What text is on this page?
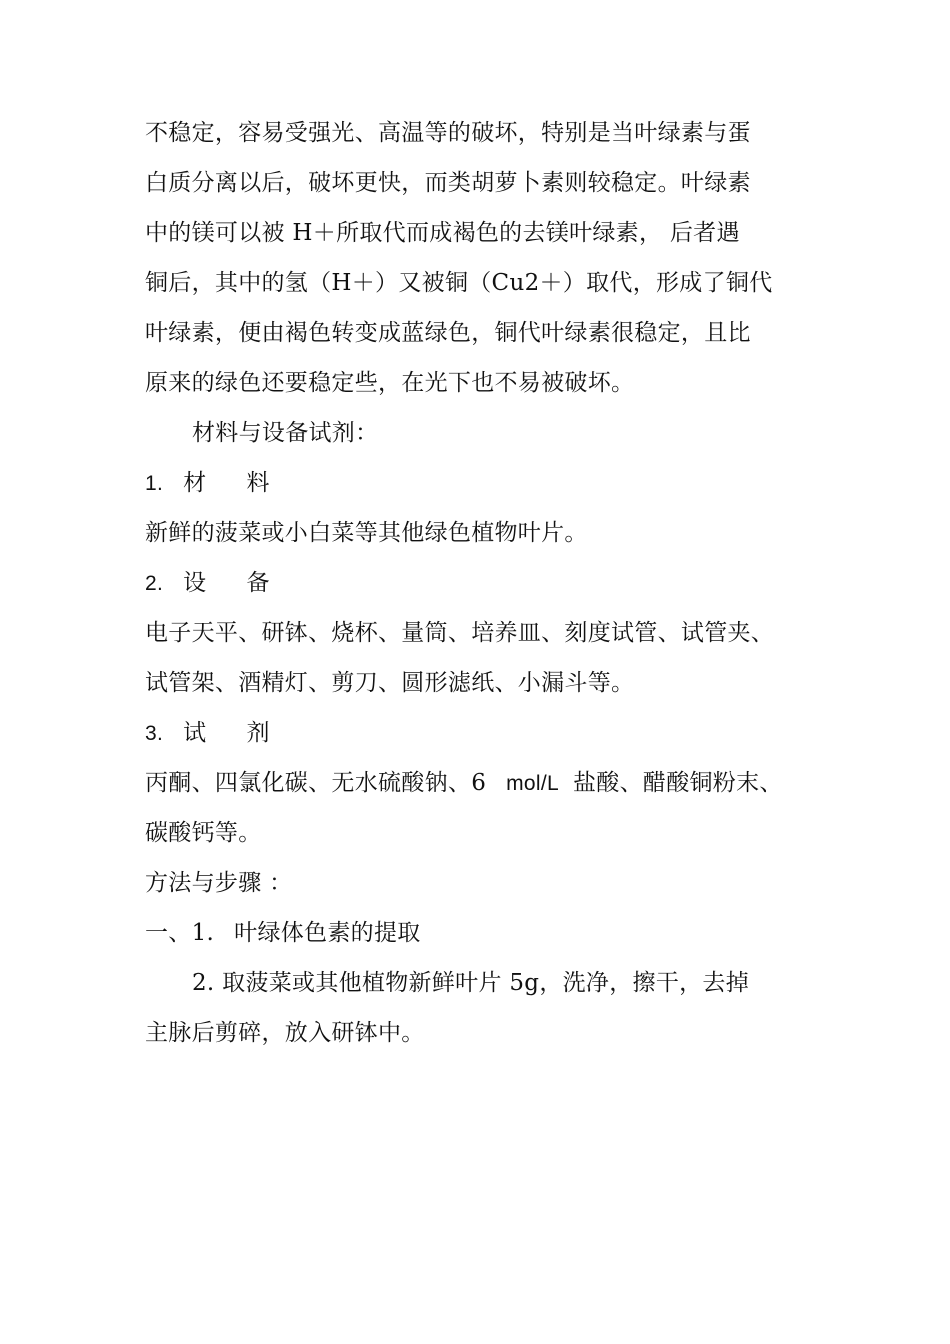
不稳定，容易受强光、高温等的破坏，特别是当叶绿素与蛋
白质分离以后，破坏更快，而类胡萝卜素则较稳定。叶绿素
中的镁可以被 H＋所取代而成褐色的去镁叶绿素， 后者遇
铜后，其中的氢（H＋）又被铜（Cu2＋）取代，形成了铜代
叶绿素，便由褐色转变成蓝绿色，铜代叶绿素很稳定，且比
原来的绿色还要稳定些，在光下也不易被破坏。
材料与设备试剂：
1. 材 料
新鲜的菠菜或小白菜等其他绿色植物叶片。
2. 设 备
电子天平、研钵、烧杯、量筒、培养皿、刻度试管、试管夹、
试管架、酒精灯、剪刀、圆形滤纸、小漏斗等。
3. 试 剂
丙酮、四氯化碳、无水硫酸钠、6 mol/L 盐酸、醋酸铜粉末、
碳酸钙等。
方法与步骤 ：
一、1. 叶绿体色素的提取
2. 取菠菜或其他植物新鲜叶片 5g，洗净，擦干，去掉
主脉后剪碎，放入研钵中。
